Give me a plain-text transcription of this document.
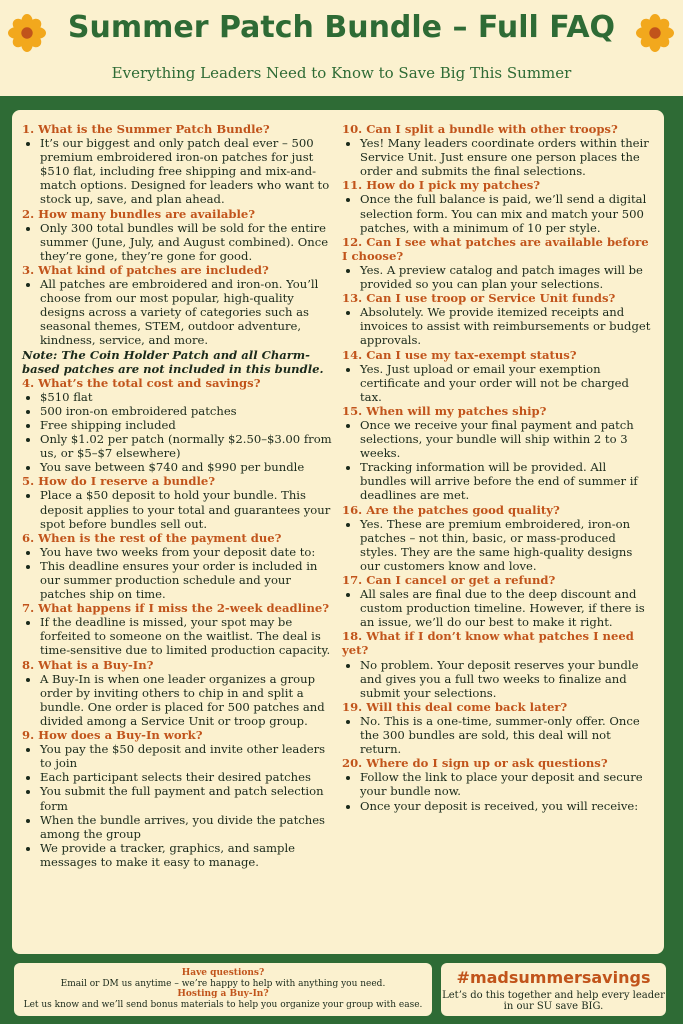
Summer Patch Bundle – Full FAQ
Everything Leaders Need to Know to Save Big This Summer
1. What is the Summer Patch Bundle?
• It’s our biggest and only patch deal ever – 500 premium embroidered iron-on patches for just $510 flat, including free shipping and mix-and-match options. Designed for leaders who want to stock up, save, and plan ahead.
2. How many bundles are available?
• Only 300 total bundles will be sold for the entire summer (June, July, and August combined). Once they’re gone, they’re gone for good.
3. What kind of patches are included?
• All patches are embroidered and iron-on. You’ll choose from our most popular, high-quality designs across a variety of categories such as seasonal themes, STEM, outdoor adventure, kindness, service, and more.
Note: The Coin Holder Patch and all Charm-based patches are not included in this bundle.
4. What’s the total cost and savings?
• $510 flat
• 500 iron-on embroidered patches
• Free shipping included
• Only $1.02 per patch (normally $2.50–$3.00 from us, or $5–$7 elsewhere)
• You save between $740 and $990 per bundle
5. How do I reserve a bundle?
• Place a $50 deposit to hold your bundle. This deposit applies to your total and guarantees your spot before bundles sell out.
6. When is the rest of the payment due?
• You have two weeks from your deposit date to:
• This deadline ensures your order is included in our summer production schedule and your patches ship on time.
7. What happens if I miss the 2-week deadline?
• If the deadline is missed, your spot may be forfeited to someone on the waitlist. The deal is time-sensitive due to limited production capacity.
8. What is a Buy-In?
• A Buy-In is when one leader organizes a group order by inviting others to chip in and split a bundle. One order is placed for 500 patches and divided among a Service Unit or troop group.
9. How does a Buy-In work?
• You pay the $50 deposit and invite other leaders to join
• Each participant selects their desired patches
• You submit the full payment and patch selection form
• When the bundle arrives, you divide the patches among the group
• We provide a tracker, graphics, and sample messages to make it easy to manage.
10. Can I split a bundle with other troops?
• Yes! Many leaders coordinate orders within their Service Unit. Just ensure one person places the order and submits the final selections.
11. How do I pick my patches?
• Once the full balance is paid, we’ll send a digital selection form. You can mix and match your 500 patches, with a minimum of 10 per style.
12. Can I see what patches are available before I choose?
• Yes. A preview catalog and patch images will be provided so you can plan your selections.
13. Can I use troop or Service Unit funds?
• Absolutely. We provide itemized receipts and invoices to assist with reimbursements or budget approvals.
14. Can I use my tax-exempt status?
• Yes. Just upload or email your exemption certificate and your order will not be charged tax.
15. When will my patches ship?
• Once we receive your final payment and patch selections, your bundle will ship within 2 to 3 weeks.
• Tracking information will be provided. All bundles will arrive before the end of summer if deadlines are met.
16. Are the patches good quality?
• Yes. These are premium embroidered, iron-on patches – not thin, basic, or mass-produced styles. They are the same high-quality designs our customers know and love.
17. Can I cancel or get a refund?
• All sales are final due to the deep discount and custom production timeline. However, if there is an issue, we’ll do our best to make it right.
18. What if I don’t know what patches I need yet?
• No problem. Your deposit reserves your bundle and gives you a full two weeks to finalize and submit your selections.
19. Will this deal come back later?
• No. This is a one-time, summer-only offer. Once the 300 bundles are sold, this deal will not return.
20. Where do I sign up or ask questions?
• Follow the link to place your deposit and secure your bundle now.
• Once your deposit is received, you will receive:
Have questions?
Email or DM us anytime – we’re happy to help with anything you need.
Hosting a Buy-In?
Let us know and we’ll send bonus materials to help you organize your group with ease.
#madsummersavings
Let’s do this together and help every leader in our SU save BIG.
